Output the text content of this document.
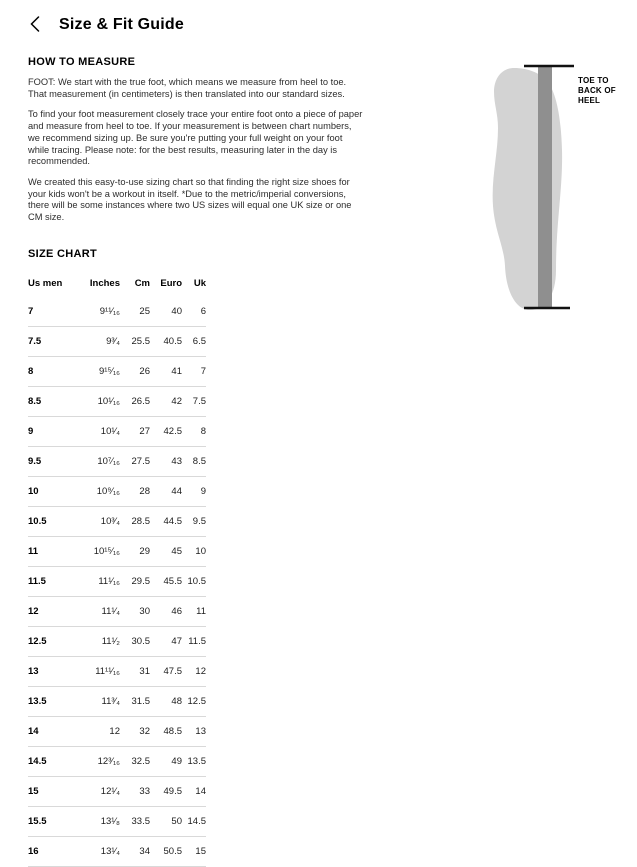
Size & Fit Guide
HOW TO MEASURE

FOOT: We start with the true foot, which means we measure from heel to toe. That measurement (in centimeters) is then translated into our standard sizes.

To find your foot measurement closely trace your entire foot onto a piece of paper and measure from heel to toe. If your measurement is between chart numbers, we recommend sizing up. Be sure you're putting your full weight on your foot while tracing. Please note: for the best results, measuring later in the day is recommended.

We created this easy-to-use sizing chart so that finding the right size shoes for your kids won't be a workout in itself. *Due to the metric/imperial conversions, there will be some instances where two US sizes will equal one UK size or one CM size.

SIZE CHART
Us men	Inches	Cm	Euro	Uk
7	9¹¹⁄₁₆	25	40	6
7.5	9³⁄₄	25.5	40.5	6.5
8	9¹⁵⁄₁₆	26	41	7
8.5	10¹⁄₁₆	26.5	42	7.5
9	10¹⁄₄	27	42.5	8
9.5	10⁷⁄₁₆	27.5	43	8.5
10	10⁹⁄₁₆	28	44	9
10.5	10³⁄₄	28.5	44.5	9.5
11	10¹⁵⁄₁₆	29	45	10
11.5	11¹⁄₁₆	29.5	45.5	10.5
12	11¹⁄₄	30	46	11
12.5	11¹⁄₂	30.5	47	11.5
13	11¹¹⁄₁₆	31	47.5	12
13.5	11³⁄₄	31.5	48	12.5
14	12	32	48.5	13
14.5	12³⁄₁₆	32.5	49	13.5
15	12¹⁄₄	33	49.5	14
15.5	13¹⁄₈	33.5	50	14.5
16	13¹⁄₄	34	50.5	15
TOE TO
BACK OF
HEEL
